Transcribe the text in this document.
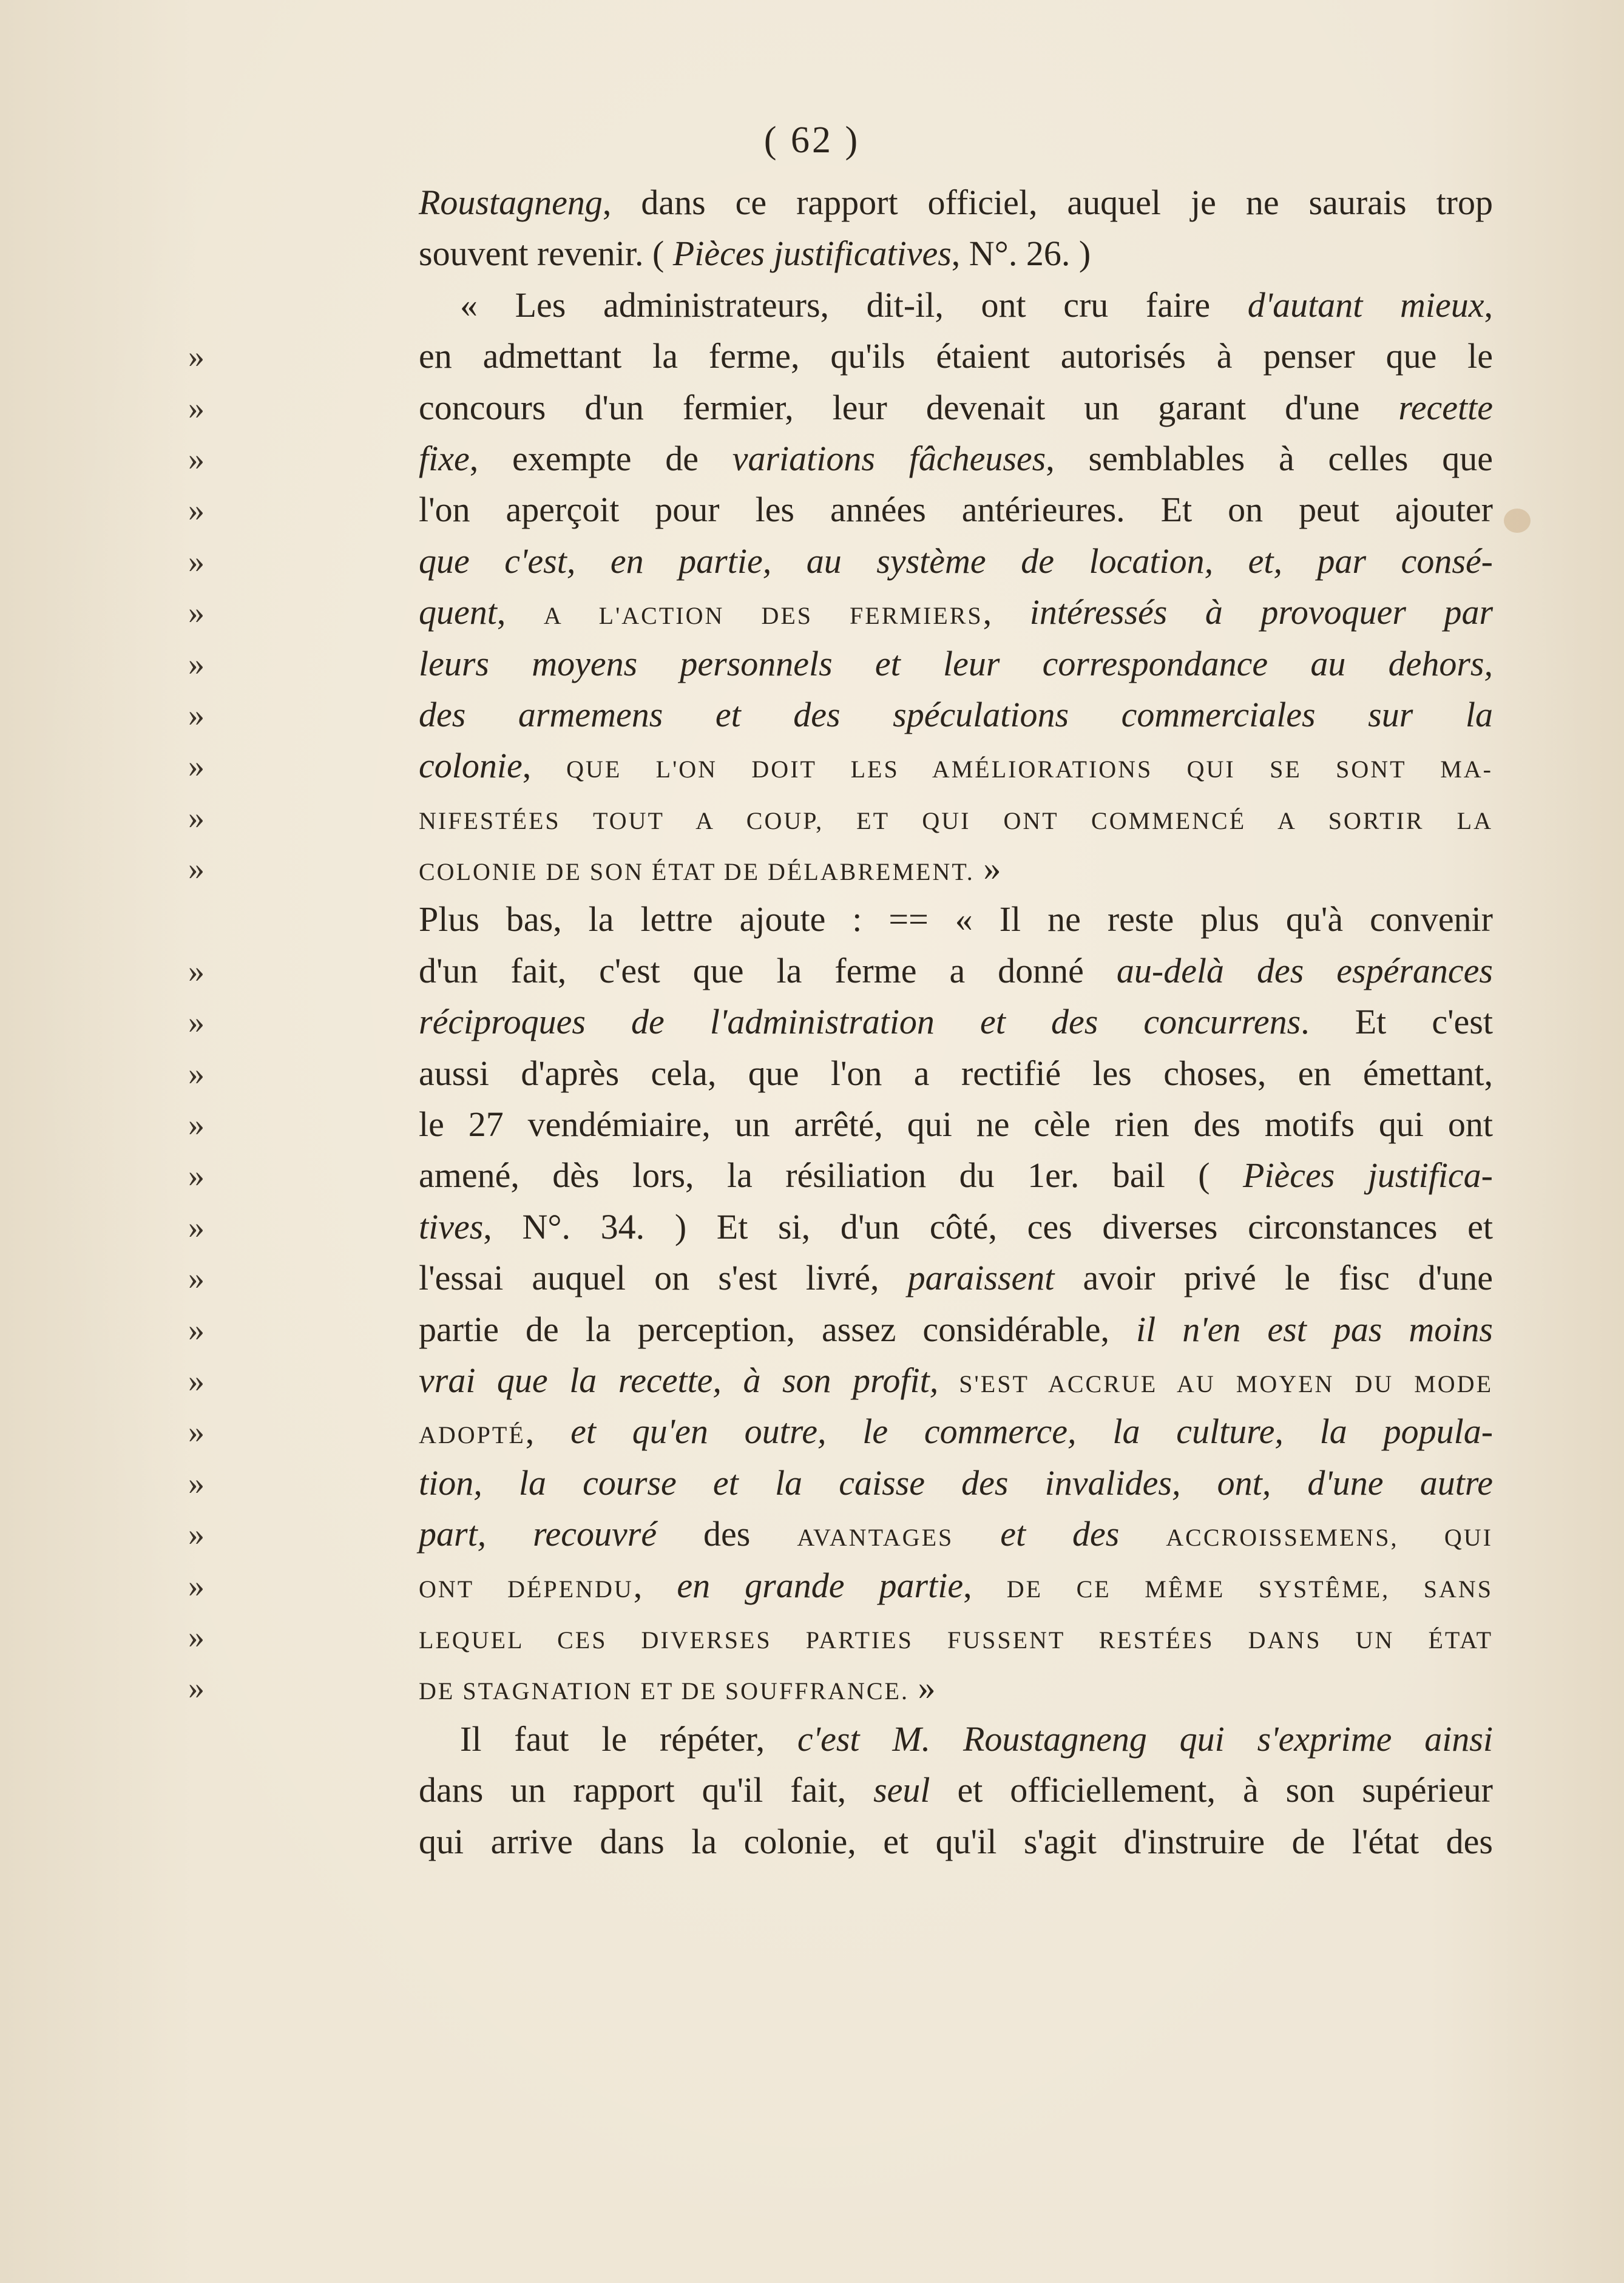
( 62 )
Roustagneng, dans ce rapport officiel, auquel je ne saurais trop
souvent revenir. ( Pièces justificatives, N°. 26. )
« Les administrateurs, dit-il, ont cru faire d'autant mieux,
»	en admettant la ferme, qu'ils étaient autorisés à penser que le
»	concours d'un fermier, leur devenait un garant d'une recette
»	fixe, exempte de variations fâcheuses, semblables à celles que
»	l'on aperçoit pour les années antérieures. Et on peut ajouter
»	que c'est, en partie, au système de location, et, par consé-
»	quent, A L'ACTION DES FERMIERS, intéressés à provoquer par
»	leurs moyens personnels et leur correspondance au dehors,
»	des armemens et des spéculations commerciales sur la
»	colonie, QUE L'ON DOIT LES AMÉLIORATIONS QUI SE SONT MA-
»	NIFESTÉES TOUT A COUP, ET QUI ONT COMMENCÉ A SORTIR LA
»	COLONIE DE SON ÉTAT DE DÉLABREMENT. »
Plus bas, la lettre ajoute : == « Il ne reste plus qu'à convenir
»	d'un fait, c'est que la ferme a donné au-delà des espérances
»	réciproques de l'administration et des concurrens. Et c'est
»	aussi d'après cela, que l'on a rectifié les choses, en émettant,
»	le 27 vendémiaire, un arrêté, qui ne cèle rien des motifs qui ont
»	amené, dès lors, la résiliation du 1er. bail ( Pièces justifica-
»	tives, N°. 34. ) Et si, d'un côté, ces diverses circonstances et
»	l'essai auquel on s'est livré, paraissent avoir privé le fisc d'une
»	partie de la perception, assez considérable, il n'en est pas moins
»	vrai que la recette, à son profit, S'EST ACCRUE AU MOYEN DU MODE
»	ADOPTÉ, et qu'en outre, le commerce, la culture, la popula-
»	tion, la course et la caisse des invalides, ont, d'une autre
»	part, recouvré des AVANTAGES et des ACCROISSEMENS, QUI
»	ONT DÉPENDU, en grande partie, DE CE MÊME SYSTÊME, SANS
»	LEQUEL CES DIVERSES PARTIES FUSSENT RESTÉES DANS UN ÉTAT
»	DE STAGNATION ET DE SOUFFRANCE. »
Il faut le répéter, c'est M. Roustagneng qui s'exprime ainsi
dans un rapport qu'il fait, seul et officiellement, à son supérieur
qui arrive dans la colonie, et qu'il s'agit d'instruire de l'état des
